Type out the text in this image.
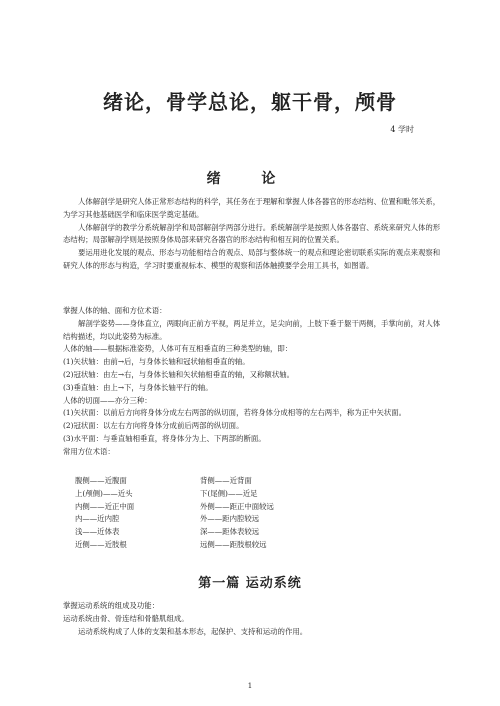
绪论，骨学总论，躯干骨，颅骨
4 学时
绪 论

人体解剖学是研究人体正常形态结构的科学，其任务在于理解和掌握人体各器官的形态结构、位置和毗邻关系，为学习其他基础医学和临床医学奠定基础。

人体解剖学的教学分系统解剖学和局部解剖学两部分进行。系统解剖学是按照人体各器官、系统来研究人体的形态结构；局部解剖学则是按照身体局部来研究各器官的形态结构和相互间的位置关系。

要运用进化发展的观点、形态与功能相结合的观点、局部与整体统一的观点和理论密切联系实际的观点来观察和研究人体的形态与构造，学习时要重视标本、模型的观察和活体触摸要学会用工具书，如图谱。

掌握人体的轴、面和方位术语：

解剖学姿势——身体直立，两眼向正前方平视，两足并立，足尖向前，上肢下垂于躯干两侧，手掌向前，对人体结构描述，均以此姿势为标准。

人体的轴——根据标准姿势，人体可有互相垂直的三种类型的轴，即：

(1)矢状轴：由前→后，与身体长轴和冠状轴相垂直的轴。

(2)冠状轴：由左→右，与身体长轴和矢状轴相垂直的轴，又称额状轴。

(3)垂直轴：由上→下，与身体长轴平行的轴。

人体的切面——亦分三种：

(1)矢状面：以前后方向将身体分成左右两部的纵切面，若将身体分成相等的左右两半，称为正中矢状面。

(2)冠状面：以左右方向将身体分成前后两部的纵切面。

(3)水平面：与垂直轴相垂直，将身体分为上、下两部的断面。

常用方位术语：

腹侧——近腹面
上(颅侧)——近头
内侧——近正中面
内——近内腔
浅——近体表
近侧——近肢根
背侧——近背面
下(尾侧)——近足
外侧——距正中面较远
外——距内腔较远
深——距体表较远
远侧——距肢根较远
第一篇 运动系统

掌握运动系统的组成及功能：

运动系统由骨、骨连结和骨骼肌组成。

运动系统构成了人体的支架和基本形态，起保护、支持和运动的作用。

1
